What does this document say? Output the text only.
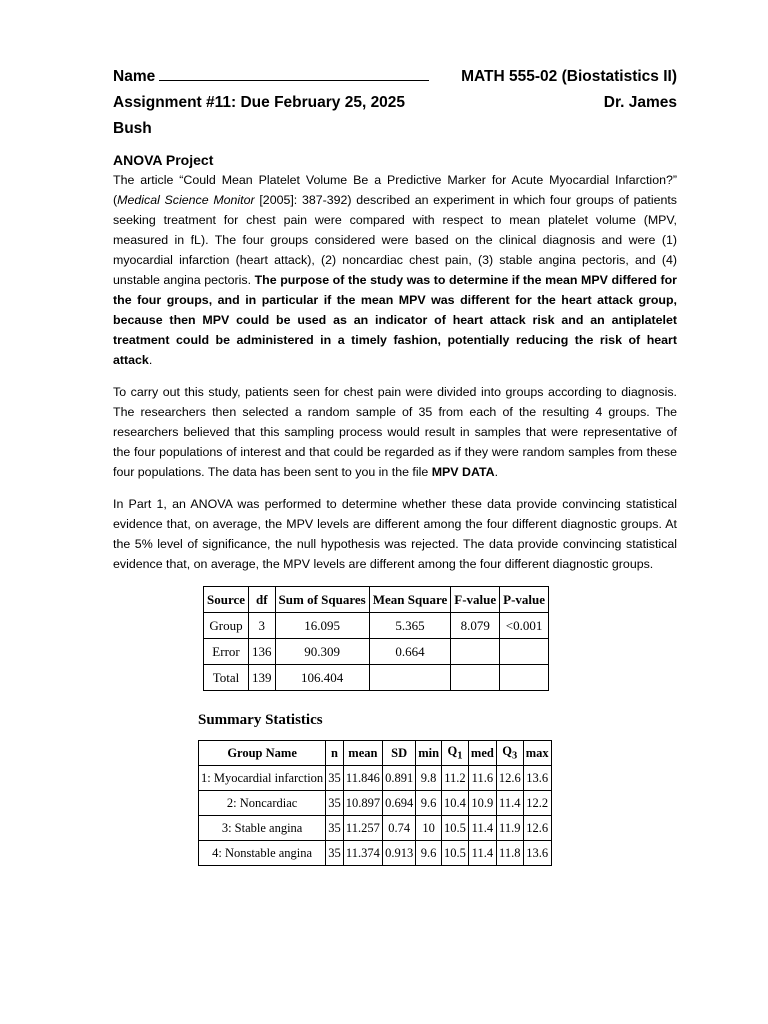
Name	MATH 555-02 (Biostatistics II)
Assignment #11: Due February 25, 2025	Dr. James
Bush
ANOVA Project

The article “Could Mean Platelet Volume Be a Predictive Marker for Acute Myocardial Infarction?” (Medical Science Monitor [2005]: 387-392) described an experiment in which four groups of patients seeking treatment for chest pain were compared with respect to mean platelet volume (MPV, measured in fL). The four groups considered were based on the clinical diagnosis and were (1) myocardial infarction (heart attack), (2) noncardiac chest pain, (3) stable angina pectoris, and (4) unstable angina pectoris. The purpose of the study was to determine if the mean MPV differed for the four groups, and in particular if the mean MPV was different for the heart attack group, because then MPV could be used as an indicator of heart attack risk and an antiplatelet treatment could be administered in a timely fashion, potentially reducing the risk of heart attack.

To carry out this study, patients seen for chest pain were divided into groups according to diagnosis. The researchers then selected a random sample of 35 from each of the resulting 4 groups. The researchers believed that this sampling process would result in samples that were representative of the four populations of interest and that could be regarded as if they were random samples from these four populations. The data has been sent to you in the file MPV DATA.

In Part 1, an ANOVA was performed to determine whether these data provide convincing statistical evidence that, on average, the MPV levels are different among the four different diagnostic groups. At the 5% level of significance, the null hypothesis was rejected. The data provide convincing statistical evidence that, on average, the MPV levels are different among the four different diagnostic groups.

Source	df	Sum of Squares	Mean Square	F-value	P-value
Group	3	16.095	5.365	8.079	<0.001
Error	136	90.309	0.664		
Total	139	106.404			
Summary Statistics
Group Name	n	mean	SD	min	$Q_1$	med	$Q_3$	max
1: Myocardial infarction	35	11.846	0.891	9.8	11.2	11.6	12.6	13.6
2: Noncardiac	35	10.897	0.694	9.6	10.4	10.9	11.4	12.2
3: Stable angina	35	11.257	0.74	10	10.5	11.4	11.9	12.6
4: Nonstable angina	35	11.374	0.913	9.6	10.5	11.4	11.8	13.6
